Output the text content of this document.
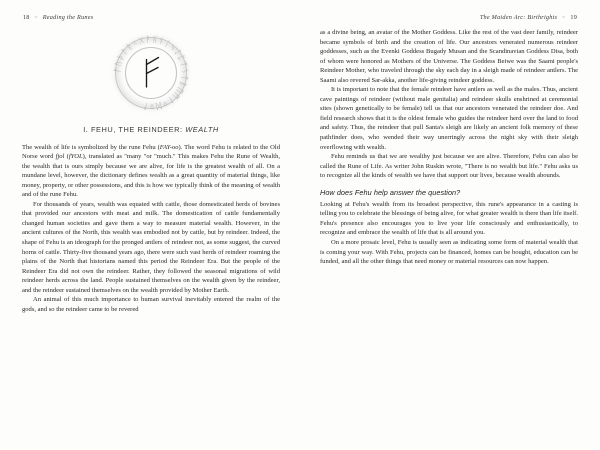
18 ~ Reading the Runes	The Maiden Arc: Birthrights ~ 19
ᚠᚢᚦᚨᚱᚲᚷᚹᚺᚾᛁᛃᛇᛈᛉᛊᛏᛒᛖᛗᛚᛜᛞᛟᚠ
I. FEHU, THE REINDEER: WEALTH

The wealth of life is symbolized by the rune Fehu (FAY-oo). The word Fehu is related to the Old Norse word fjol (fYOL), translated as "many "or "much." This makes Fehu the Rune of Wealth, the wealth that is ours simply because we are alive, for life is the greatest wealth of all. On a mundane level, however, the dictionary defines wealth as a great quantity of material things, like money, property, or other possessions, and this is how we typically think of the meaning of wealth and of the rune Fehu.

For thousands of years, wealth was equated with cattle, those domesticated herds of bovines that provided our ancestors with meat and milk. The domestication of cattle fundamentally changed human societies and gave them a way to measure material wealth. However, in the ancient cultures of the North, this wealth was embodied not by cattle, but by reindeer. Indeed, the shape of Fehu is an ideograph for the pronged antlers of reindeer not, as some suggest, the curved horns of cattle. Thirty-five thousand years ago, there were such vast herds of reindeer roaming the plains of the North that historians named this period the Reindeer Era. But the people of the Reindeer Era did not own the reindeer. Rather, they followed the seasonal migrations of wild reindeer herds across the land. People sustained themselves on the wealth given by the reindeer, and the reindeer sustained themselves on the wealth provided by Mother Earth.

An animal of this much importance to human survival inevitably entered the realm of the gods, and so the reindeer came to be revered

as a divine being, an avatar of the Mother Goddess. Like the rest of the vast deer family, reindeer became symbols of birth and the creation of life. Our ancestors venerated numerous reindeer goddesses, such as the Evenki Goddess Bugady Musan and the Scandinavian Goddess Disa, both of whom were honored as Mothers of the Universe. The Goddess Beiwe was the Saami people's Reindeer Mother, who traveled through the sky each day in a sleigh made of reindeer antlers. The Saami also revered Sar-akka, another life-giving reindeer goddess.

It is important to note that the female reindeer have antlers as well as the males. Thus, ancient cave paintings of reindeer (without male genitalia) and reindeer skulls enshrined at ceremonial sites (shown genetically to be female) tell us that our ancestors venerated the reindeer doe. And field research shows that it is the oldest female who guides the reindeer herd over the land to food and safety. Thus, the reindeer that pull Santa's sleigh are likely an ancient folk memory of these pathfinder does, who wended their way unerringly across the night sky with their sleigh overflowing with wealth.

Fehu reminds us that we are wealthy just because we are alive. Therefore, Fehu can also be called the Rune of Life. As writer John Ruskin wrote, "There is no wealth but life." Fehu asks us to recognize all the kinds of wealth we have that support our lives, because wealth abounds.

How does Fehu help answer the question?

Looking at Fehu's wealth from its broadest perspective, this rune's appearance in a casting is telling you to celebrate the blessings of being alive, for what greater wealth is there than life itself. Fehu's presence also encourages you to live your life consciously and enthusiastically, to recognize and embrace the wealth of life that is all around you.

On a more prosaic level, Fehu is usually seen as indicating some form of material wealth that is coming your way. With Fehu, projects can be financed, homes can be bought, education can be funded, and all the other things that need money or material resources can now happen.
